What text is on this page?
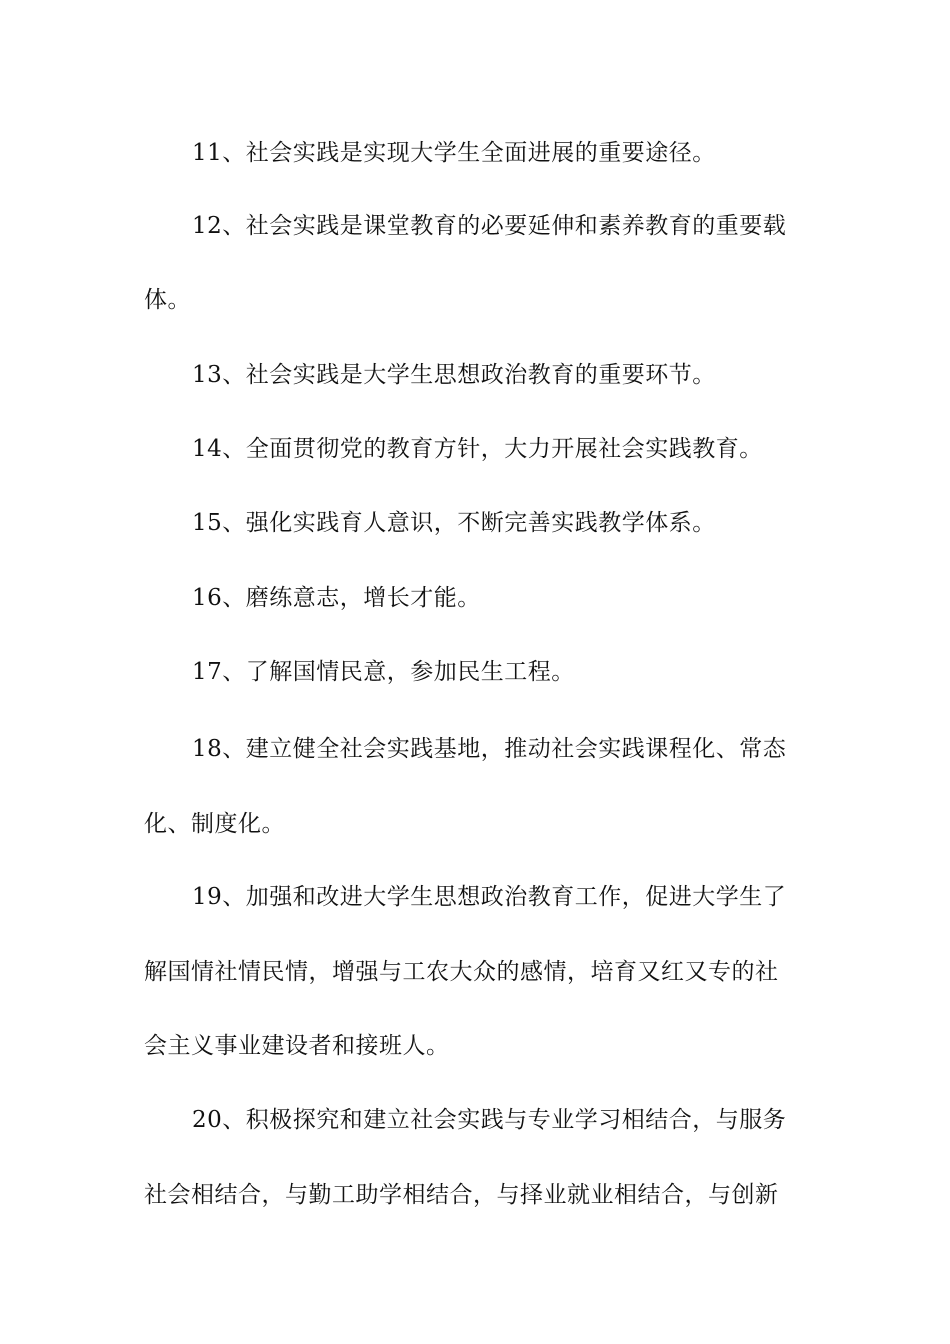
11、社会实践是实现大学生全面进展的重要途径。
12、社会实践是课堂教育的必要延伸和素养教育的重要载
体。
13、社会实践是大学生思想政治教育的重要环节。
14、全面贯彻党的教育方针，大力开展社会实践教育。
15、强化实践育人意识，不断完善实践教学体系。
16、磨练意志，增长才能。
17、了解国情民意，参加民生工程。
18、建立健全社会实践基地，推动社会实践课程化、常态
化、制度化。
19、加强和改进大学生思想政治教育工作，促进大学生了
解国情社情民情，增强与工农大众的感情，培育又红又专的社
会主义事业建设者和接班人。
20、积极探究和建立社会实践与专业学习相结合，与服务
社会相结合，与勤工助学相结合，与择业就业相结合，与创新
